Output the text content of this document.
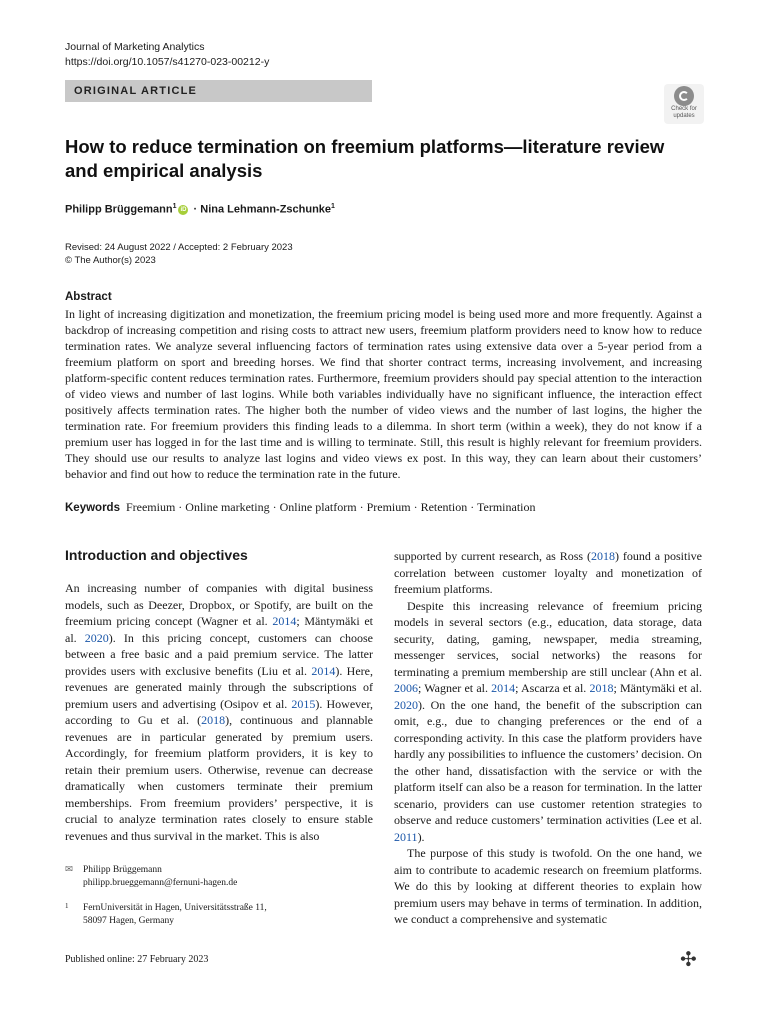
Journal of Marketing Analytics
https://doi.org/10.1057/s41270-023-00212-y
ORIGINAL ARTICLE
Check for
updates
How to reduce termination on freemium platforms—literature review and empirical analysis
Philipp Brüggemann$^1$ iD · Nina Lehmann-Zschunke$^1$
Revised: 24 August 2022 / Accepted: 2 February 2023
© The Author(s) 2023
Abstract
In light of increasing digitization and monetization, the freemium pricing model is being used more and more frequently. Against a backdrop of increasing competition and rising costs to attract new users, freemium platform providers need to know how to reduce termination rates. We analyze several influencing factors of termination rates using extensive data over a 5-year period from a freemium platform on sport and breeding horses. We find that shorter contract terms, increasing involvement, and increasing platform-specific content reduces termination rates. Furthermore, freemium providers should pay special attention to the interaction of video views and number of last logins. While both variables individually have no significant influence, the interaction effect positively affects termination rates. The higher both the number of video views and the number of last logins, the higher the termination rate. For freemium providers this finding leads to a dilemma. In short term (within a week), they do not know if a premium user has logged in for the last time and is willing to terminate. Still, this result is highly relevant for freemium providers. They should use our results to analyze last logins and video views ex post. In this way, they can learn about their customers’ behavior and find out how to reduce the termination rate in the future.
Keywords Freemium · Online marketing · Online platform · Premium · Retention · Termination
Introduction and objectives

An increasing number of companies with digital business models, such as Deezer, Dropbox, or Spotify, are built on the freemium pricing concept (Wagner et al. 2014; Mäntymäki et al. 2020). In this pricing concept, customers can choose between a free basic and a paid premium service. The latter provides users with exclusive benefits (Liu et al. 2014). Here, revenues are generated mainly through the subscriptions of premium users and advertising (Osipov et al. 2015). However, according to Gu et al. (2018), continuous and plannable revenues are in particular generated by premium users. Accordingly, for freemium platform providers, it is key to retain their premium users. Otherwise, revenue can decrease dramatically when customers terminate their premium memberships. From freemium providers’ perspective, it is crucial to analyze termination rates closely to ensure stable revenues and thus survival in the market. This is also

supported by current research, as Ross (2018) found a positive correlation between customer loyalty and monetization of freemium platforms.

Despite this increasing relevance of freemium pricing models in several sectors (e.g., education, data storage, data security, dating, gaming, newspaper, media streaming, messenger services, social networks) the reasons for terminating a premium membership are still unclear (Ahn et al. 2006; Wagner et al. 2014; Ascarza et al. 2018; Mäntymäki et al. 2020). On the one hand, the benefit of the subscription can omit, e.g., due to changing preferences or the end of a corresponding activity. In this case the platform providers have hardly any possibilities to influence the customers’ decision. On the other hand, dissatisfaction with the service or with the platform itself can also be a reason for termination. In the latter scenario, providers can use customer retention strategies to observe and reduce customers’ termination activities (Lee et al. 2011).

The purpose of this study is twofold. On the one hand, we aim to contribute to academic research on freemium platforms. We do this by looking at different theories to explain how premium users may behave in terms of termination. In addition, we conduct a comprehensive and systematic

✉ Philipp Brüggemann
philipp.brueggemann@fernuni-hagen.de
1 FernUniversität in Hagen, Universitätsstraße 11,
58097 Hagen, Germany
Published online: 27 February 2023	✣
